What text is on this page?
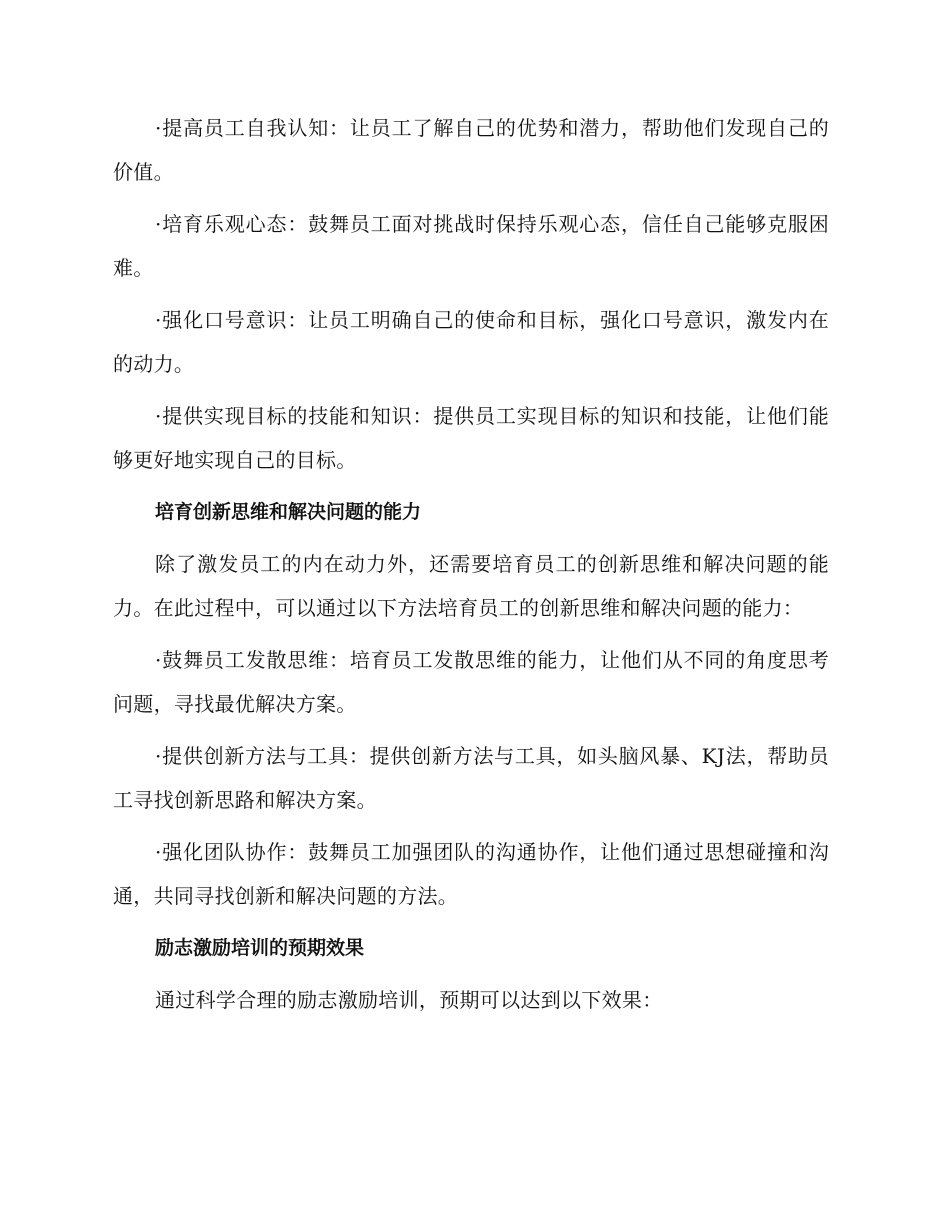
·提高员工自我认知：让员工了解自己的优势和潜力，帮助他们发现自己的价值。

·培育乐观心态：鼓舞员工面对挑战时保持乐观心态，信任自己能够克服困难。

·强化口号意识：让员工明确自己的使命和目标，强化口号意识，激发内在的动力。

·提供实现目标的技能和知识：提供员工实现目标的知识和技能，让他们能够更好地实现自己的目标。

培育创新思维和解决问题的能力

除了激发员工的内在动力外，还需要培育员工的创新思维和解决问题的能力。在此过程中，可以通过以下方法培育员工的创新思维和解决问题的能力：

·鼓舞员工发散思维：培育员工发散思维的能力，让他们从不同的角度思考问题，寻找最优解决方案。

·提供创新方法与工具：提供创新方法与工具，如头脑风暴、KJ法，帮助员工寻找创新思路和解决方案。

·强化团队协作：鼓舞员工加强团队的沟通协作，让他们通过思想碰撞和沟通，共同寻找创新和解决问题的方法。

励志激励培训的预期效果

通过科学合理的励志激励培训，预期可以达到以下效果：
